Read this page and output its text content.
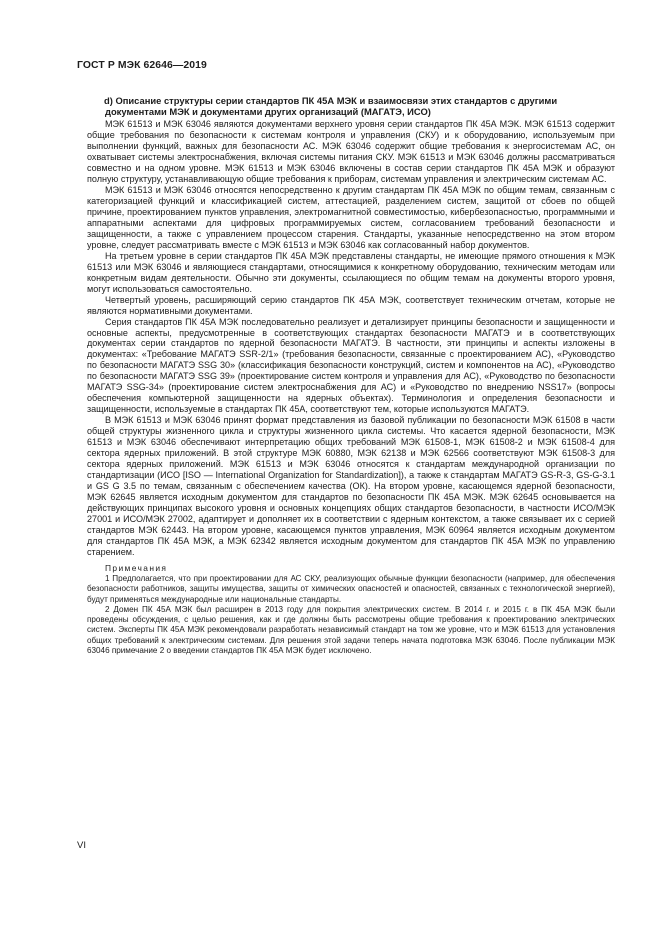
ГОСТ Р МЭК 62646—2019

d) Описание структуры серии стандартов ПК 45А МЭК и взаимосвязи этих стандартов с другими документами МЭК и документами других организаций (МАГАТЭ, ИСО)

МЭК 61513 и МЭК 63046 являются документами верхнего уровня серии стандартов ПК 45А МЭК. МЭК 61513 содержит общие требования по безопасности к системам контроля и управления (СКУ) и к оборудованию, используемым при выполнении функций, важных для безопасности АС. МЭК 63046 содержит общие требования к энергосистемам АС, он охватывает системы электроснабжения, включая системы питания СКУ. МЭК 61513 и МЭК 63046 должны рассматриваться совместно и на одном уровне. МЭК 61513 и МЭК 63046 включены в состав серии стандартов ПК 45А МЭК и образуют полную структуру, устанавливающую общие требования к приборам, системам управления и электрическим системам АС.

МЭК 61513 и МЭК 63046 относятся непосредственно к другим стандартам ПК 45А МЭК по общим темам, связанным с категоризацией функций и классификацией систем, аттестацией, разделением систем, защитой от сбоев по общей причине, проектированием пунктов управления, электромагнитной совместимостью, кибербезопасностью, программными и аппаратными аспектами для цифровых программируемых систем, согласованием требований безопасности и защищенности, а также с управлением процессом старения. Стандарты, указанные непосредственно на этом втором уровне, следует рассматривать вместе с МЭК 61513 и МЭК 63046 как согласованный набор документов.

На третьем уровне в серии стандартов ПК 45А МЭК представлены стандарты, не имеющие прямого отношения к МЭК 61513 или МЭК 63046 и являющиеся стандартами, относящимися к конкретному оборудованию, техническим методам или конкретным видам деятельности. Обычно эти документы, ссылающиеся по общим темам на документы второго уровня, могут использоваться самостоятельно.

Четвертый уровень, расширяющий серию стандартов ПК 45А МЭК, соответствует техническим отчетам, которые не являются нормативными документами.

Серия стандартов ПК 45А МЭК последовательно реализует и детализирует принципы безопасности и защищенности и основные аспекты, предусмотренные в соответствующих стандартах безопасности МАГАТЭ и в соответствующих документах серии стандартов по ядерной безопасности МАГАТЭ. В частности, эти принципы и аспекты изложены в документах: «Требование МАГАТЭ SSR-2/1» (требования безопасности, связанные с проектированием АС), «Руководство по безопасности МАГАТЭ SSG 30» (классификация безопасности конструкций, систем и компонентов на АС), «Руководство по безопасности МАГАТЭ SSG 39» (проектирование систем контроля и управления для АС), «Руководство по безопасности МАГАТЭ SSG-34» (проектирование систем электроснабжения для АС) и «Руководство по внедрению NSS17» (вопросы обеспечения компьютерной защищенности на ядерных объектах). Терминология и определения безопасности и защищенности, используемые в стандартах ПК 45А, соответствуют тем, которые используются МАГАТЭ.

В МЭК 61513 и МЭК 63046 принят формат представления из базовой публикации по безопасности МЭК 61508 в части общей структуры жизненного цикла и структуры жизненного цикла системы. Что касается ядерной безопасности, МЭК 61513 и МЭК 63046 обеспечивают интерпретацию общих требований МЭК 61508-1, МЭК 61508-2 и МЭК 61508-4 для сектора ядерных приложений. В этой структуре МЭК 60880, МЭК 62138 и МЭК 62566 соответствуют МЭК 61508-3 для сектора ядерных приложений. МЭК 61513 и МЭК 63046 относятся к стандартам международной организации по стандартизации (ИСО [ISO — International Organization for Standardization]), а также к стандартам МАГАТЭ GS-R-3, GS-G-3.1 и GS G 3.5 по темам, связанным с обеспечением качества (ОК). На втором уровне, касающемся ядерной безопасности, МЭК 62645 является исходным документом для стандартов по безопасности ПК 45А МЭК. МЭК 62645 основывается на действующих принципах высокого уровня и основных концепциях общих стандартов безопасности, в частности ИСО/МЭК 27001 и ИСО/МЭК 27002, адаптирует и дополняет их в соответствии с ядерным контекстом, а также связывает их с серией стандартов МЭК 62443. На втором уровне, касающемся пунктов управления, МЭК 60964 является исходным документом для стандартов ПК 45А МЭК, а МЭК 62342 является исходным документом для стандартов ПК 45А МЭК по управлению старением.

Примечания

1 Предполагается, что при проектировании для АС СКУ, реализующих обычные функции безопасности (например, для обеспечения безопасности работников, защиты имущества, защиты от химических опасностей и опасностей, связанных с технологической энергией), будут применяться международные или национальные стандарты.

2 Домен ПК 45А МЭК был расширен в 2013 году для покрытия электрических систем. В 2014 г. и 2015 г. в ПК 45А МЭК были проведены обсуждения, с целью решения, как и где должны быть рассмотрены общие требования к проектированию электрических систем. Эксперты ПК 45А МЭК рекомендовали разработать независимый стандарт на том же уровне, что и МЭК 61513 для установления общих требований к электрическим системам. Для решения этой задачи теперь начата подготовка МЭК 63046. После публикации МЭК 63046 примечание 2 о введении стандартов ПК 45А МЭК будет исключено.

VI
